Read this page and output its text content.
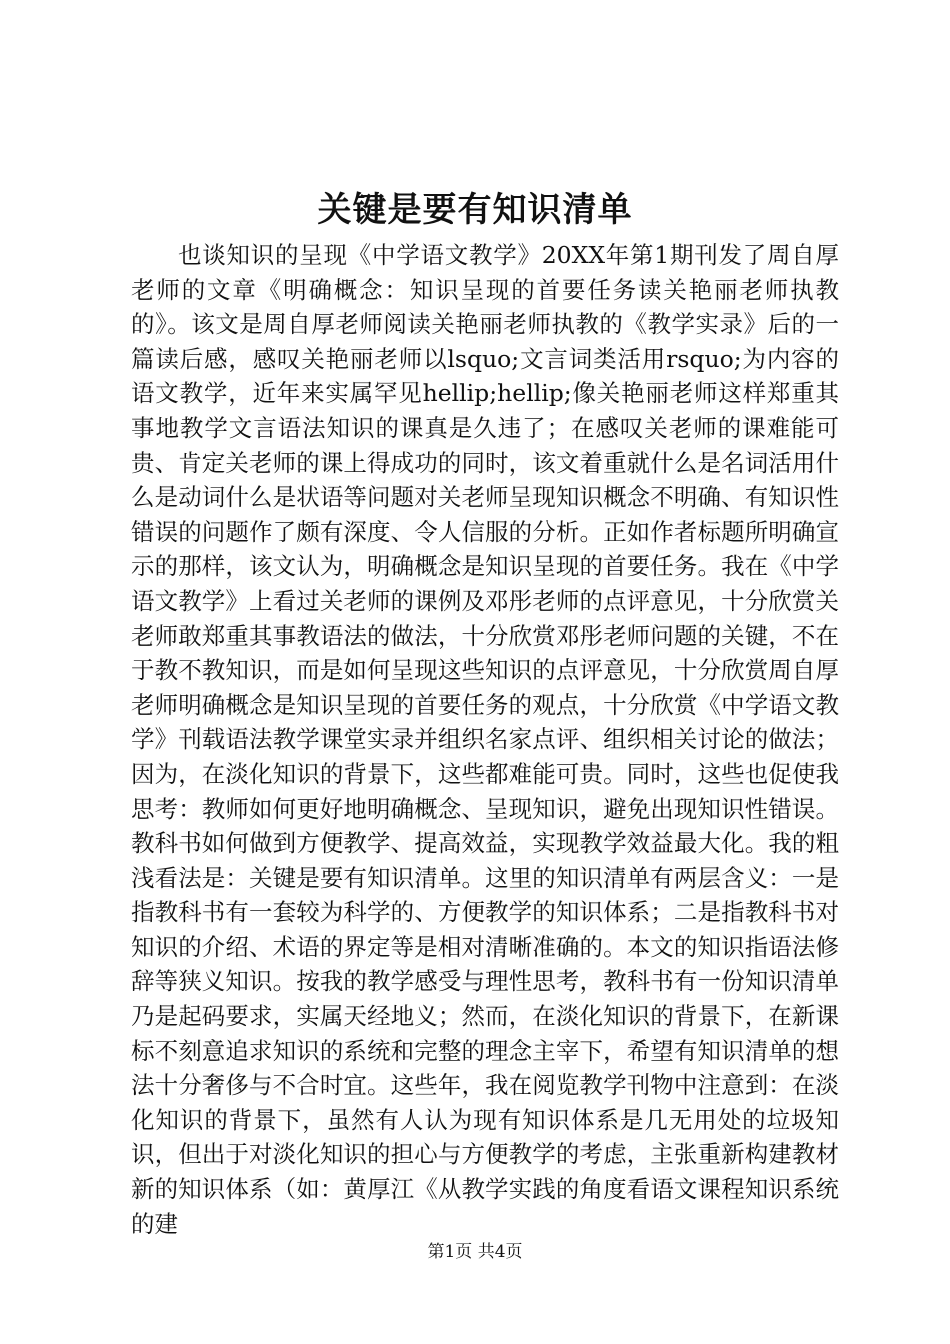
关键是要有知识清单

也谈知识的呈现《中学语文教学》20XX年第1期刊发了周自厚老师的文章《明确概念：知识呈现的首要任务读关艳丽老师执教的》。该文是周自厚老师阅读关艳丽老师执教的《教学实录》后的一篇读后感，感叹关艳丽老师以lsquo;文言词类活用rsquo;为内容的语文教学，近年来实属罕见hellip;hellip;像关艳丽老师这样郑重其事地教学文言语法知识的课真是久违了；在感叹关老师的课难能可贵、肯定关老师的课上得成功的同时，该文着重就什么是名词活用什么是动词什么是状语等问题对关老师呈现知识概念不明确、有知识性错误的问题作了颇有深度、令人信服的分析。正如作者标题所明确宣示的那样，该文认为，明确概念是知识呈现的首要任务。我在《中学语文教学》上看过关老师的课例及邓彤老师的点评意见，十分欣赏关老师敢郑重其事教语法的做法，十分欣赏邓彤老师问题的关键，不在于教不教知识，而是如何呈现这些知识的点评意见，十分欣赏周自厚老师明确概念是知识呈现的首要任务的观点，十分欣赏《中学语文教学》刊载语法教学课堂实录并组织名家点评、组织相关讨论的做法；因为，在淡化知识的背景下，这些都难能可贵。同时，这些也促使我思考：教师如何更好地明确概念、呈现知识，避免出现知识性错误。教科书如何做到方便教学、提高效益，实现教学效益最大化。我的粗浅看法是：关键是要有知识清单。这里的知识清单有两层含义：一是指教科书有一套较为科学的、方便教学的知识体系；二是指教科书对知识的介绍、术语的界定等是相对清晰准确的。本文的知识指语法修辞等狭义知识。按我的教学感受与理性思考，教科书有一份知识清单乃是起码要求，实属天经地义；然而，在淡化知识的背景下，在新课标不刻意追求知识的系统和完整的理念主宰下，希望有知识清单的想法十分奢侈与不合时宜。这些年，我在阅览教学刊物中注意到：在淡化知识的背景下，虽然有人认为现有知识体系是几无用处的垃圾知识，但出于对淡化知识的担心与方便教学的考虑，主张重新构建教材新的知识体系（如：黄厚江《从教学实践的角度看语文课程知识系统的建

第1页 共4页
